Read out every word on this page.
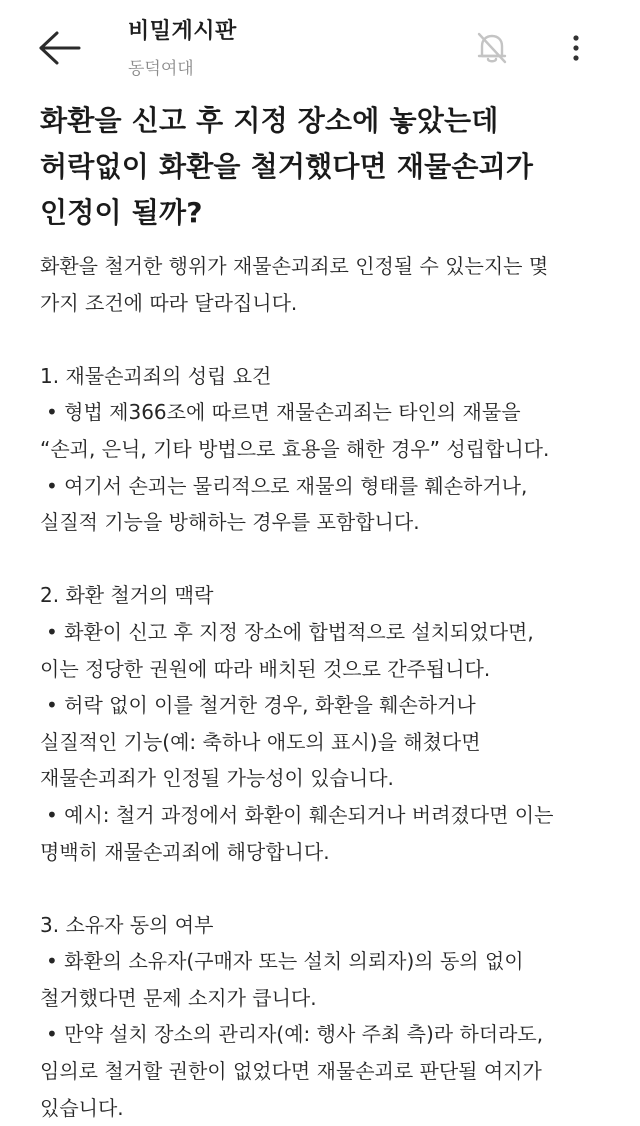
비밀게시판
동덕여대
화환을 신고 후 지정 장소에 놓았는데
허락없이 화환을 철거했다면 재물손괴가
인정이 될까?
화환을 철거한 행위가 재물손괴죄로 인정될 수 있는지는 몇
가지 조건에 따라 달라집니다.
1. 재물손괴죄의 성립 요건
• 형법 제366조에 따르면 재물손괴죄는 타인의 재물을
“손괴, 은닉, 기타 방법으로 효용을 해한 경우” 성립합니다.
• 여기서 손괴는 물리적으로 재물의 형태를 훼손하거나,
실질적 기능을 방해하는 경우를 포함합니다.
2. 화환 철거의 맥락
• 화환이 신고 후 지정 장소에 합법적으로 설치되었다면,
이는 정당한 권원에 따라 배치된 것으로 간주됩니다.
• 허락 없이 이를 철거한 경우, 화환을 훼손하거나
실질적인 기능(예: 축하나 애도의 표시)을 해쳤다면
재물손괴죄가 인정될 가능성이 있습니다.
• 예시: 철거 과정에서 화환이 훼손되거나 버려졌다면 이는
명백히 재물손괴죄에 해당합니다.
3. 소유자 동의 여부
• 화환의 소유자(구매자 또는 설치 의뢰자)의 동의 없이
철거했다면 문제 소지가 큽니다.
• 만약 설치 장소의 관리자(예: 행사 주최 측)라 하더라도,
임의로 철거할 권한이 없었다면 재물손괴로 판단될 여지가
있습니다.
